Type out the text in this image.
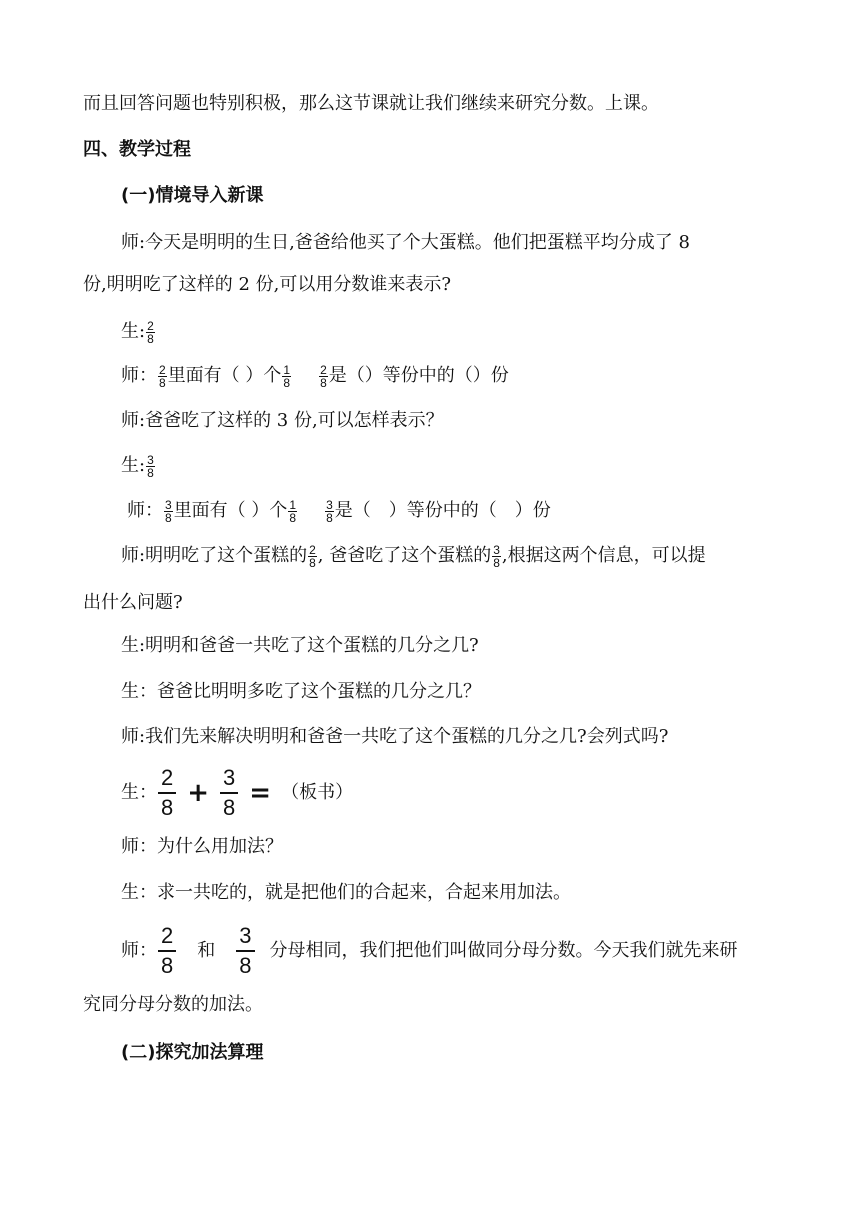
而且回答问题也特别积极，那么这节课就让我们继续来研究分数。上课。
四、教学过程
(一)情境导入新课
师:今天是明明的生日,爸爸给他买了个大蛋糕。他们把蛋糕平均分成了 8
份,明明吃了这样的 2 份,可以用分数谁来表示?
生: $\frac{2}{8}$
师： $\frac{2}{8}$ 里面有（ ）个 $\frac{1}{8} \frac{2}{8}$ 是（）等份中的（）份
师:爸爸吃了这样的 3 份,可以怎样表示？
生: $\frac{3}{8}$
师： $\frac{3}{8}$ 里面有（ ）个 $\frac{1}{8} \frac{3}{8}$ 是（　）等份中的（　）份
师:明明吃了这个蛋糕的 $\frac{2}{8}$ , 爸爸吃了这个蛋糕的 $\frac{3}{8}$ ,根据这两个信息，可以提
出什么问题?
生:明明和爸爸一共吃了这个蛋糕的几分之几?
生：爸爸比明明多吃了这个蛋糕的几分之几？
师:我们先来解决明明和爸爸一共吃了这个蛋糕的几分之几?会列式吗?
生： $\frac{2}{8} + \frac{3}{8}$ = （板书）
师：为什么用加法？
生：求一共吃的，就是把他们的合起来，合起来用加法。
师： $\frac{2}{8}$ 和 $\frac{3}{8}$ 分母相同，我们把他们叫做同分母分数。今天我们就先来研
究同分母分数的加法。
(二)探究加法算理
